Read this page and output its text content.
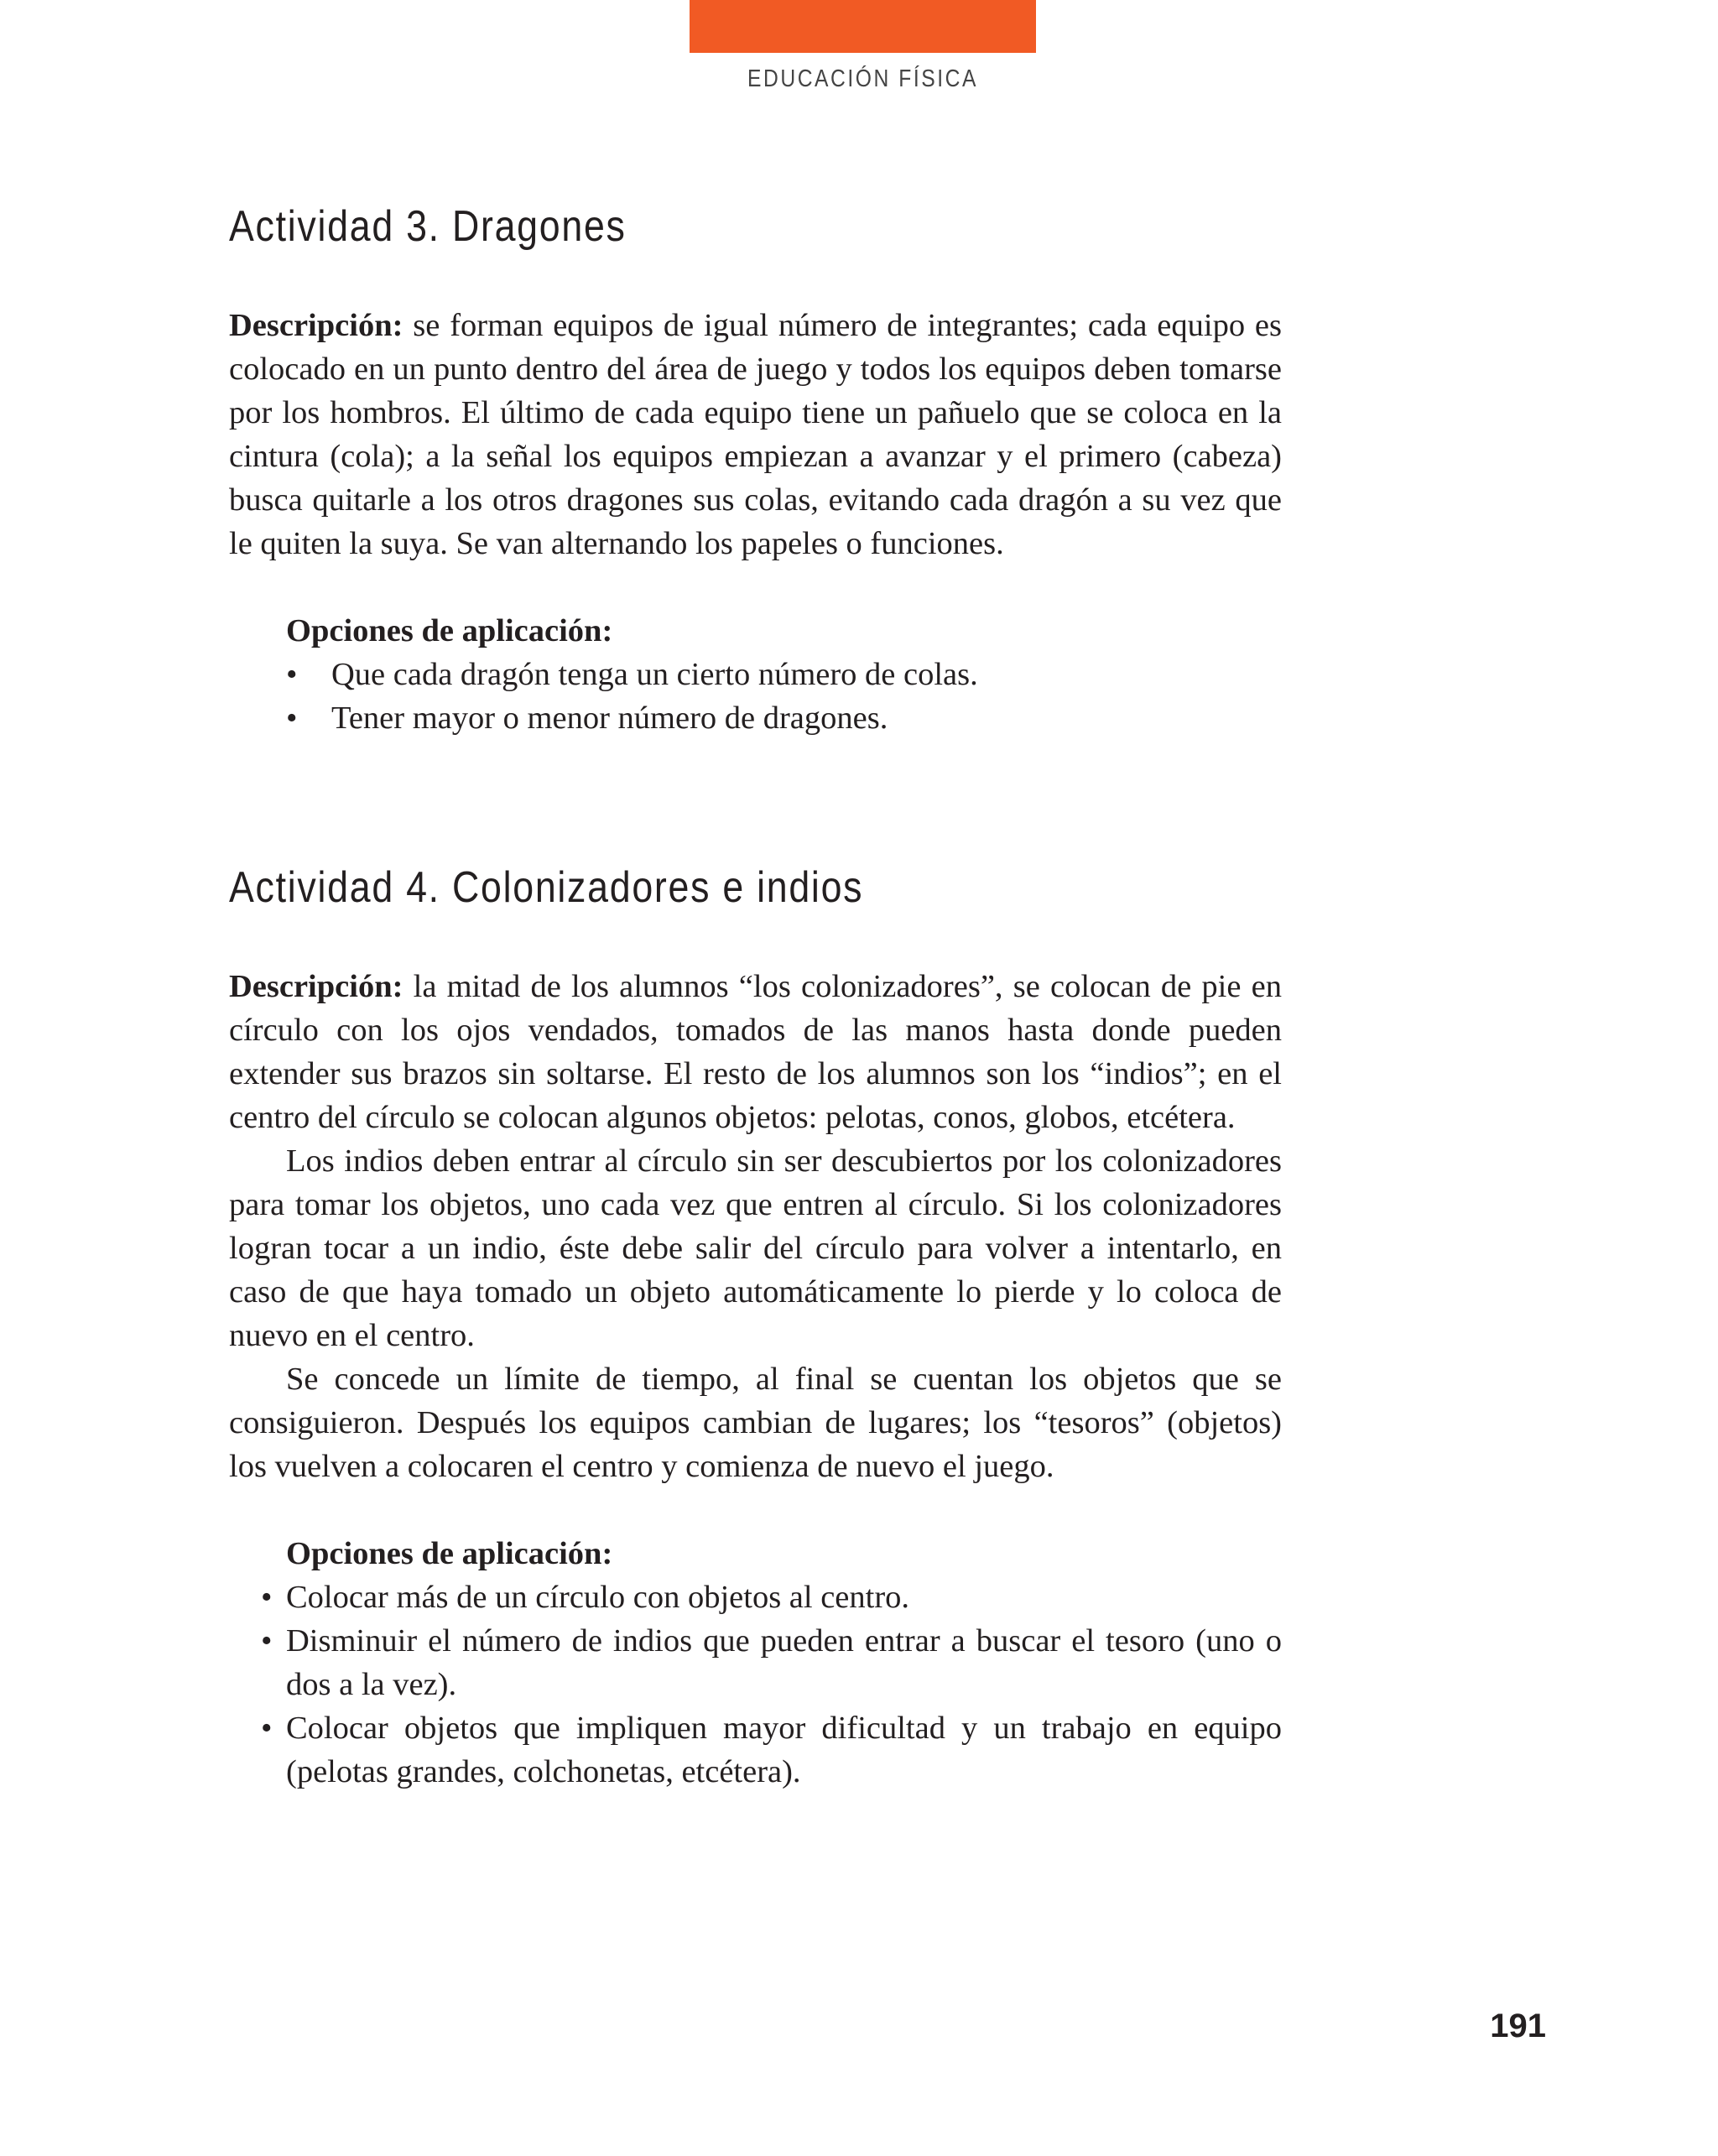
EDUCACIÓN FÍSICA
Actividad 3. Dragones

Descripción: se forman equipos de igual número de integrantes; cada equipo es colocado en un punto dentro del área de juego y todos los equipos deben tomarse por los hombros. El último de cada equipo tiene un pañuelo que se coloca en la cintura (cola); a la señal los equipos empiezan a avanzar y el primero (cabeza) busca quitarle a los otros dragones sus colas, evitando cada dragón a su vez que le quiten la suya. Se van alternando los papeles o funciones.

Opciones de aplicación:

• Que cada dragón tenga un cierto número de colas.
• Tener mayor o menor número de dragones.
Actividad 4. Colonizadores e indios

Descripción: la mitad de los alumnos “los colonizadores”, se colocan de pie en círculo con los ojos vendados, tomados de las manos hasta donde pueden extender sus brazos sin soltarse. El resto de los alumnos son los “indios”; en el centro del círculo se colocan algunos objetos: pelotas, conos, globos, etcétera.

Los indios deben entrar al círculo sin ser descubiertos por los colonizadores para tomar los objetos, uno cada vez que entren al círculo. Si los colonizadores logran tocar a un indio, éste debe salir del círculo para volver a intentarlo, en caso de que haya tomado un objeto automáticamente lo pierde y lo coloca de nuevo en el centro.

Se concede un límite de tiempo, al final se cuentan los objetos que se consiguieron. Después los equipos cambian de lugares; los “tesoros” (objetos) los vuelven a colocaren el centro y comienza de nuevo el juego.

Opciones de aplicación:

• Colocar más de un círculo con objetos al centro.
• Disminuir el número de indios que pueden entrar a buscar el tesoro (uno o dos a la vez).
• Colocar objetos que impliquen mayor dificultad y un trabajo en equipo (pelotas grandes, colchonetas, etcétera).
191
